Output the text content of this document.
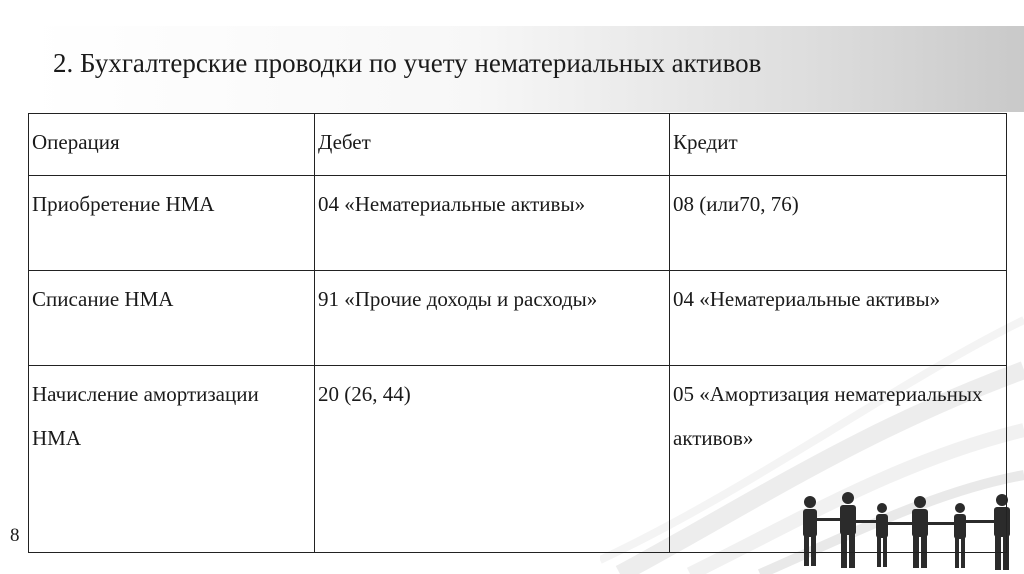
2. Бухгалтерские проводки по учету нематериальных активов
Операция	Дебет	Кредит
Приобретение НМА	04 «Нематериальные активы»	08 (или70, 76)
Списание НМА	91 «Прочие доходы и расходы»	04 «Нематериальные активы»
Начисление амортизации НМА	20 (26, 44)	05 «Амортизация нематериальных активов»
8
